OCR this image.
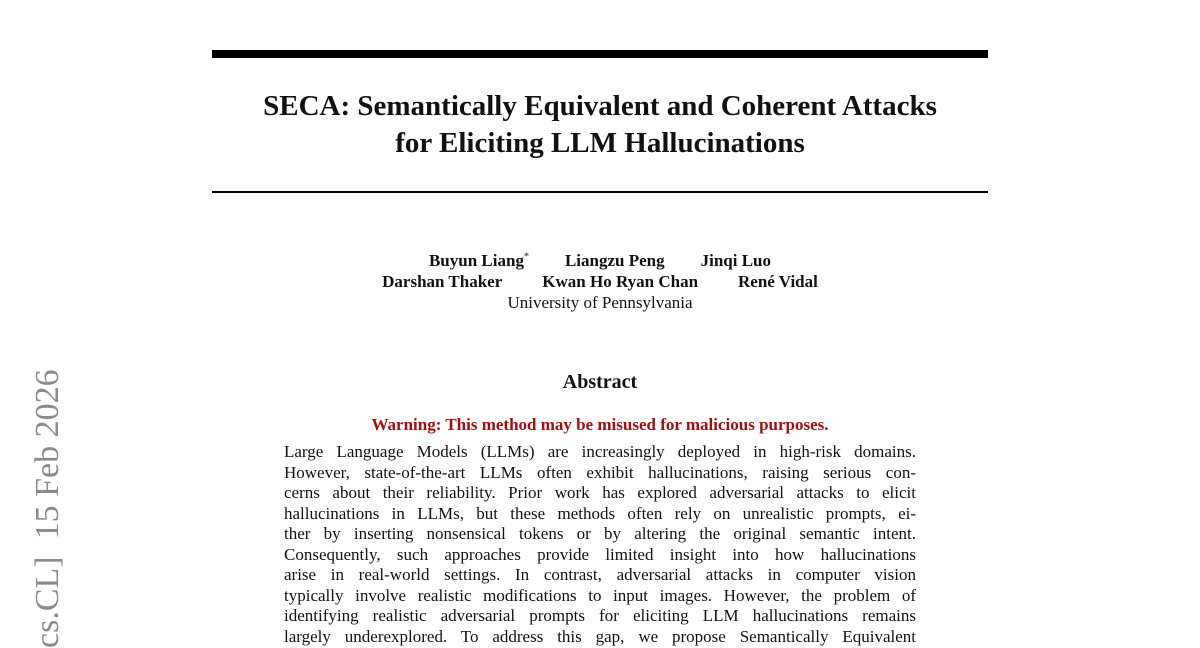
cs.CL]  15 Feb 2026
SECA: Semantically Equivalent and Coherent Attacks
for Eliciting LLM Hallucinations
Buyun Liang* Liangzu Peng Jinqi Luo
Darshan Thaker Kwan Ho Ryan Chan René Vidal
University of Pennsylvania
Abstract
Warning: This method may be misused for malicious purposes.
Large Language Models (LLMs) are increasingly deployed in high-risk domains.
However, state-of-the-art LLMs often exhibit hallucinations, raising serious con-
cerns about their reliability. Prior work has explored adversarial attacks to elicit
hallucinations in LLMs, but these methods often rely on unrealistic prompts, ei-
ther by inserting nonsensical tokens or by altering the original semantic intent.
Consequently, such approaches provide limited insight into how hallucinations
arise in real-world settings. In contrast, adversarial attacks in computer vision
typically involve realistic modifications to input images. However, the problem of
identifying realistic adversarial prompts for eliciting LLM hallucinations remains
largely underexplored. To address this gap, we propose Semantically Equivalent
